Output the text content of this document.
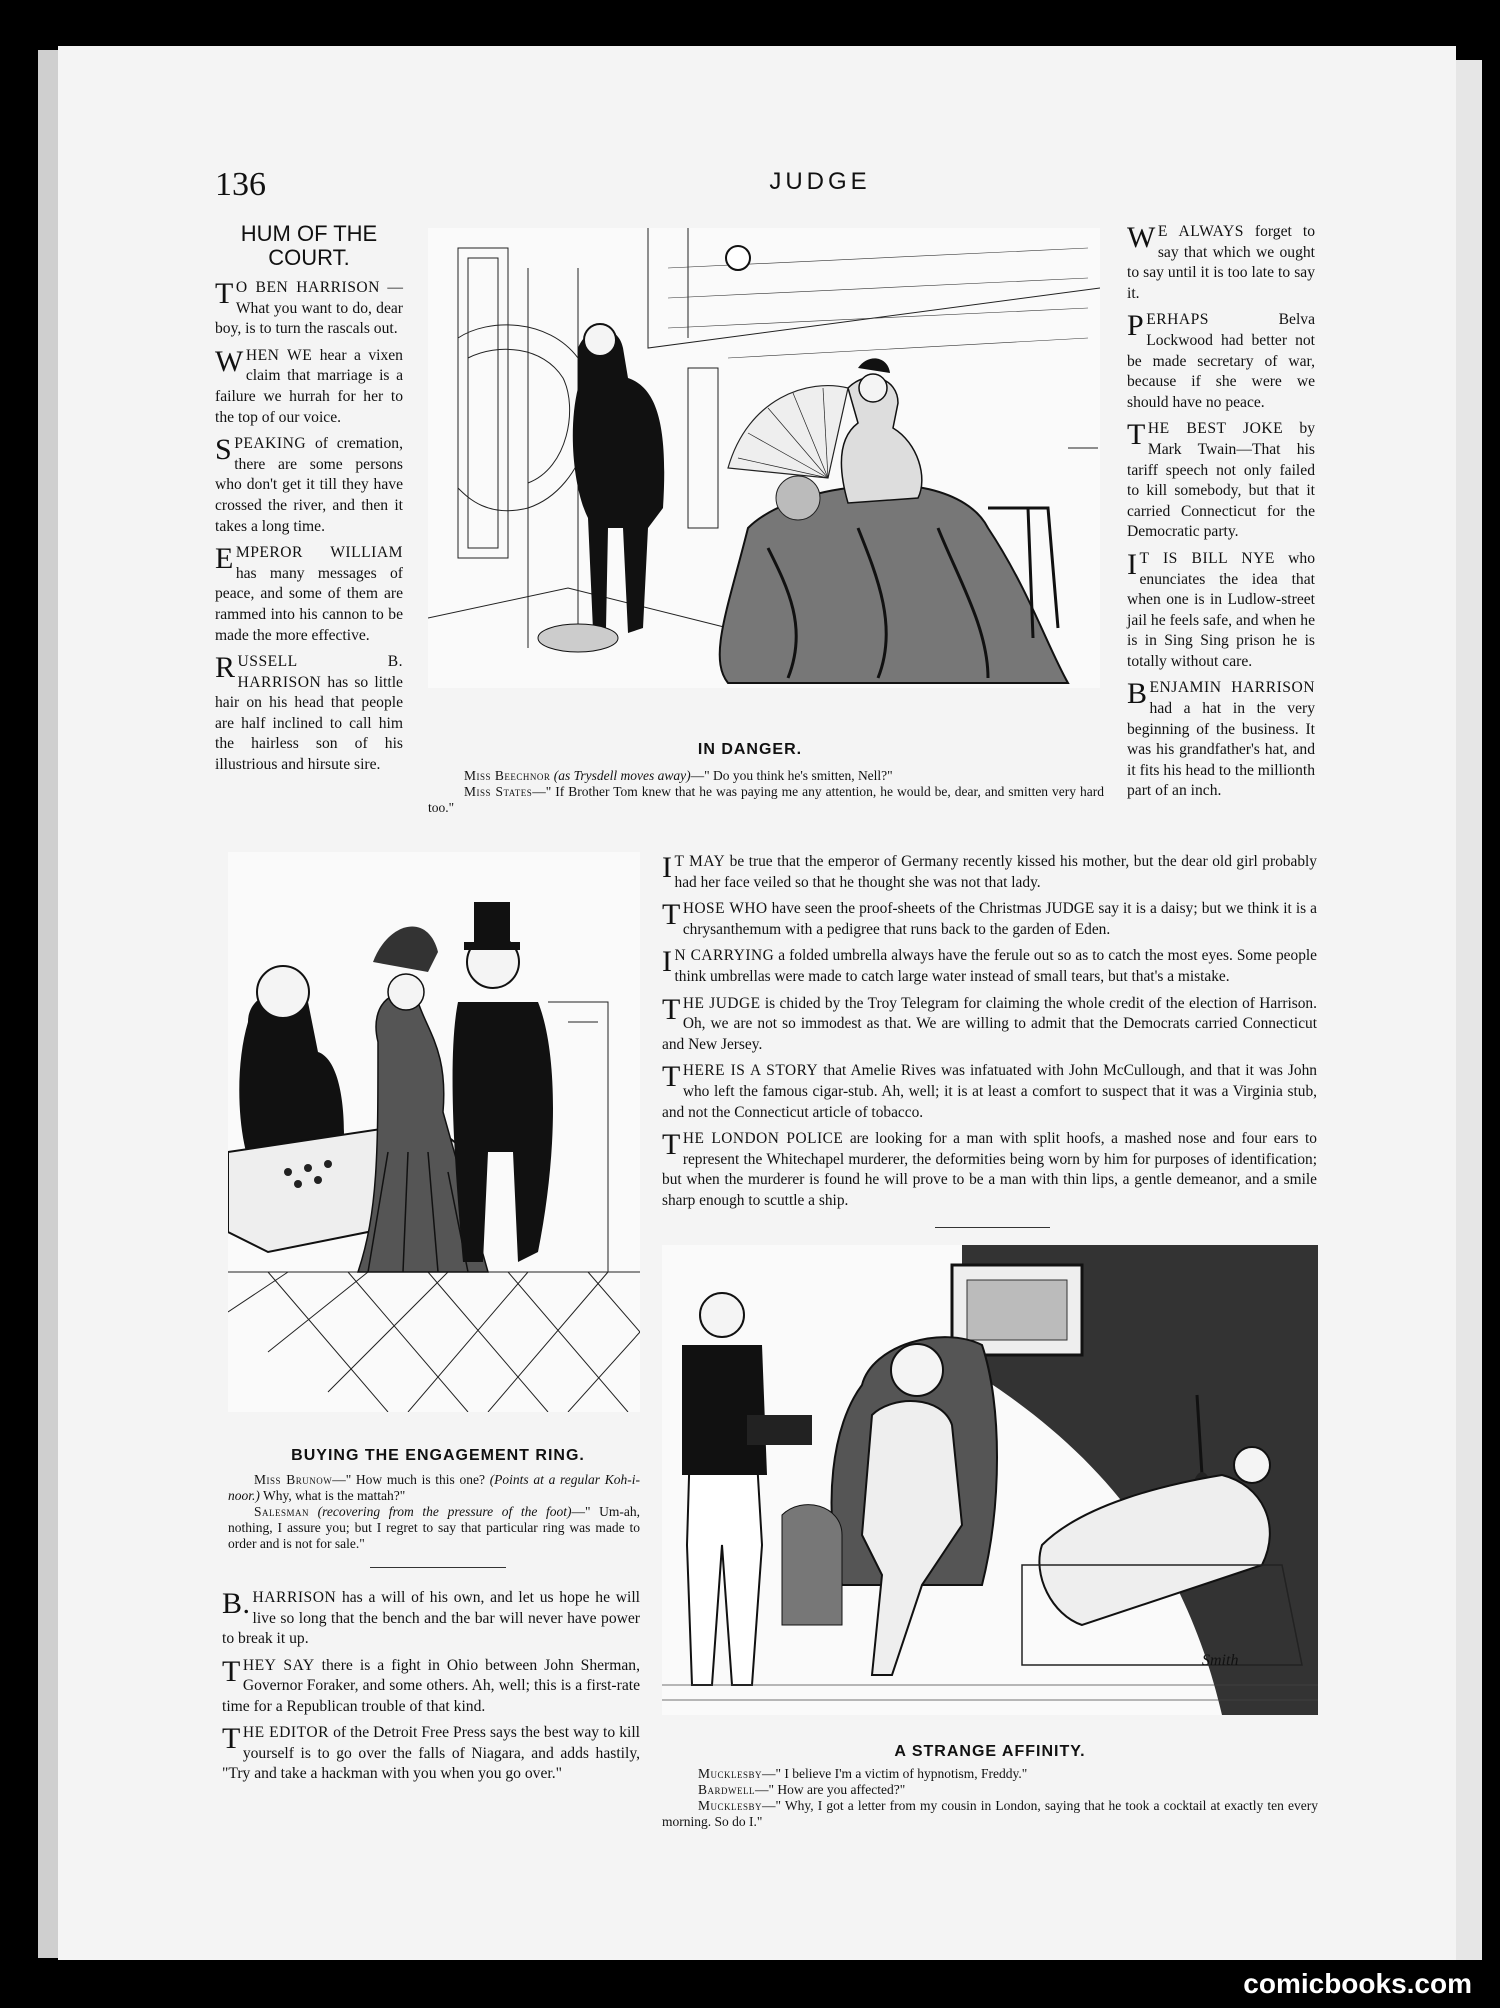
136	JUDGE
HUM OF THE COURT.

TO BEN HARRISON —What you want to do, dear boy, is to turn the rascals out.

WHEN WE hear a vixen claim that marriage is a failure we hurrah for her to the top of our voice.

SPEAKING of cremation, there are some persons who don't get it till they have crossed the river, and then it takes a long time.

EMPEROR WILLIAM has many messages of peace, and some of them are rammed into his cannon to be made the more effective.

RUSSELL B. HARRISON has so little hair on his head that people are half inclined to call him the hairless son of his illustrious and hirsute sire.

IN DANGER.

Miss Beechnor (as Trysdell moves away)—" Do you think he's smitten, Nell?"

Miss States—" If Brother Tom knew that he was paying me any attention, he would be, dear, and smitten very hard too."

WE ALWAYS forget to say that which we ought to say until it is too late to say it.

PERHAPS	Belva Lockwood had better not be made secretary of war, because if she were we should have no peace.

THE BEST JOKE by Mark Twain—That his tariff speech not only failed to kill somebody, but that it carried Connecticut for the Democratic party.

IT IS BILL NYE who enunciates the idea that when one is in Ludlow-street jail he feels safe, and when he is in Sing Sing prison he is totally without care.

BENJAMIN HARRISON had a hat in the very beginning of the business. It was his grandfather's hat, and it fits his head to the millionth part of an inch.

BUYING THE ENGAGEMENT RING.

Miss Brunow—" How much is this one? (Points at a regular Koh-i-noor.) Why, what is the mattah?"

Salesman (recovering from the pressure of the foot)—" Um-ah, nothing, I assure you; but I regret to say that particular ring was made to order and is not for sale."

IT MAY be true that the emperor of Germany recently kissed his mother, but the dear old girl probably had her face veiled so that he thought she was not that lady.

THOSE WHO have seen the proof-sheets of the Christmas JUDGE say it is a daisy; but we think it is a chrysanthemum with a pedigree that runs back to the garden of Eden.

IN CARRYING a folded umbrella always have the ferule out so as to catch the most eyes. Some people think umbrellas were made to catch large water instead of small tears, but that's a mistake.

THE JUDGE is chided by the Troy Telegram for claiming the whole credit of the election of Harrison. Oh, we are not so immodest as that. We are willing to admit that the Democrats carried Connecticut and New Jersey.

THERE IS A STORY that Amelie Rives was infatuated with John McCullough, and that it was John who left the famous cigar-stub. Ah, well; it is at least a comfort to suspect that it was a Virginia stub, and not the Connecticut article of tobacco.

THE LONDON POLICE are looking for a man with split hoofs, a mashed nose and four ears to represent the Whitechapel murderer, the deformities being worn by him for purposes of identification; but when the murderer is found he will prove to be a man with thin lips, a gentle demeanor, and a smile sharp enough to scuttle a ship.

Smith
A STRANGE AFFINITY.

Mucklesby—" I believe I'm a victim of hypnotism, Freddy."

Bardwell—" How are you affected?"

Mucklesby—" Why, I got a letter from my cousin in London, saying that he took a cocktail at exactly ten every morning. So do I."

B.HARRISON has a will of his own, and let us hope he will live so long that the bench and the bar will never have power to break it up.

THEY SAY there is a fight in Ohio between John Sherman, Governor Foraker, and some others. Ah, well; this is a first-rate time for a Republican trouble of that kind.

THE EDITOR of the Detroit Free Press says the best way to kill yourself is to go over the falls of Niagara, and adds hastily, "Try and take a hackman with you when you go over."

comicbooks.com
